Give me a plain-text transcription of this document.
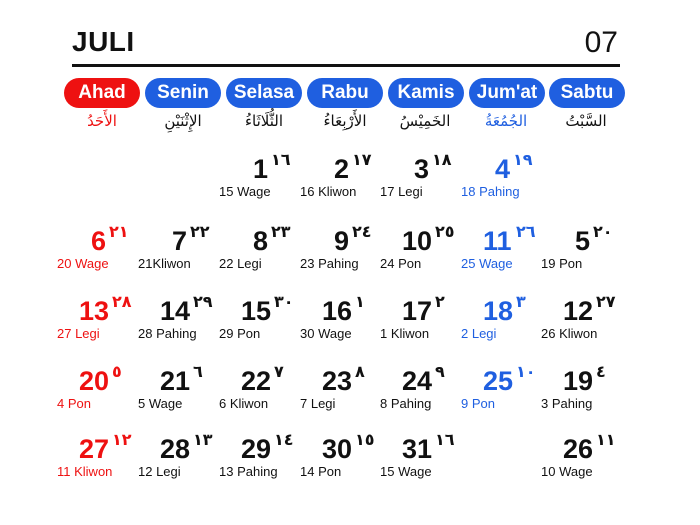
JULI	07
Ahad
الأَحَدُ
Senin
الإِثْنَيْنِ
Selasa
الثُّلَاثَاءُ
Rabu
الأَرْبِعَاءُ
Kamis
الخَمِيْسُ
Jum'at
الجُمُعَةُ
Sabtu
السَّبْتُ
1 ١٦
15 Wage
2 ١٧
16 Kliwon
3 ١٨
17 Legi
4 ١٩
18 Pahing
5 ٢٠
19 Pon
6 ٢١
20 Wage
7 ٢٢
21Kliwon
8 ٢٣
22 Legi
9 ٢٤
23 Pahing
10 ٢٥
24 Pon
11 ٢٦
25 Wage
12 ٢٧
26 Kliwon
13 ٢٨
27 Legi
14 ٢٩
28 Pahing
15 ٣٠
29 Pon
16 ١
30 Wage
17 ٢
1 Kliwon
18 ٣
2 Legi
19 ٤
3 Pahing
20 ٥
4 Pon
21 ٦
5 Wage
22 ٧
6 Kliwon
23 ٨
7 Legi
24 ٩
8 Pahing
25 ١٠
9 Pon
26 ١١
10 Wage
27 ١٢
11 Kliwon
28 ١٣
12 Legi
29 ١٤
13 Pahing
30 ١٥
14 Pon
31 ١٦
15 Wage
